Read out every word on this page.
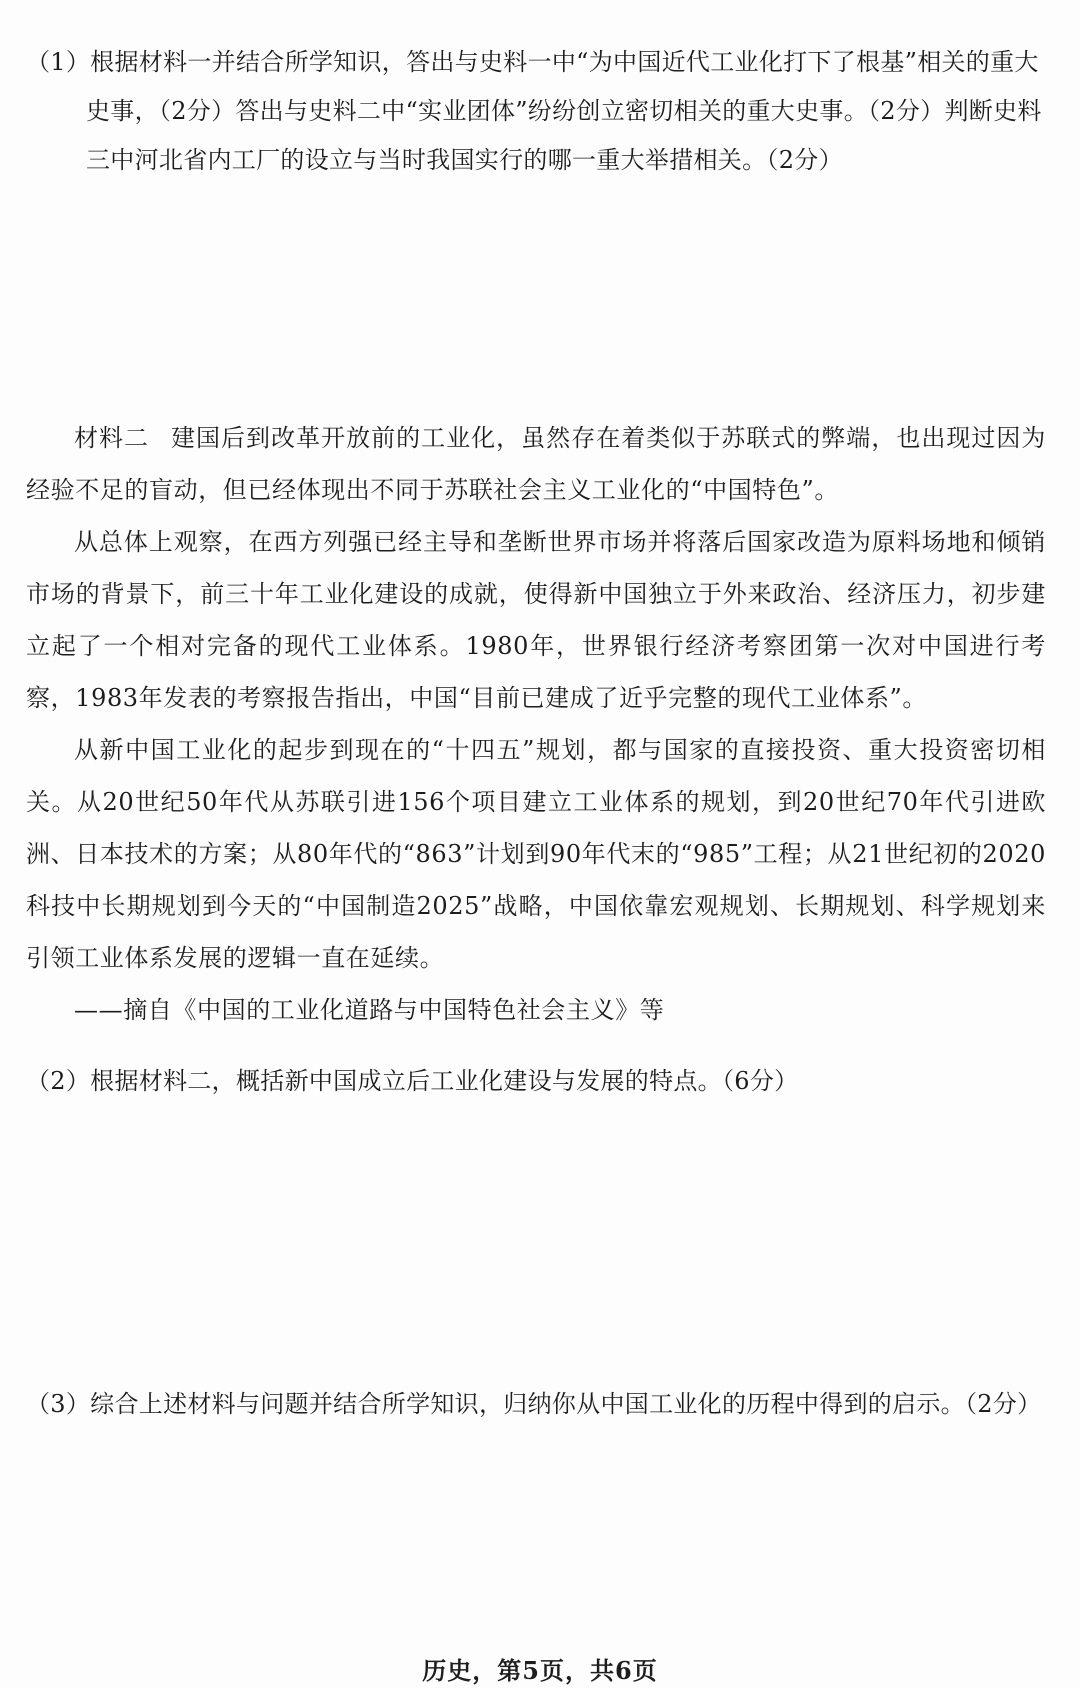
（1）根据材料一并结合所学知识，答出与史料一中“为中国近代工业化打下了根基”相关的重大史事，（2分）答出与史料二中“实业团体”纷纷创立密切相关的重大史事。（2分）判断史料三中河北省内工厂的设立与当时我国实行的哪一重大举措相关。（2分）

材料二 建国后到改革开放前的工业化，虽然存在着类似于苏联式的弊端，也出现过因为经验不足的盲动，但已经体现出不同于苏联社会主义工业化的“中国特色”。

从总体上观察，在西方列强已经主导和垄断世界市场并将落后国家改造为原料场地和倾销市场的背景下，前三十年工业化建设的成就，使得新中国独立于外来政治、经济压力，初步建立起了一个相对完备的现代工业体系。1980年，世界银行经济考察团第一次对中国进行考察，1983年发表的考察报告指出，中国“目前已建成了近乎完整的现代工业体系”。

从新中国工业化的起步到现在的“十四五”规划，都与国家的直接投资、重大投资密切相关。从20世纪50年代从苏联引进156个项目建立工业体系的规划，到20世纪70年代引进欧洲、日本技术的方案；从80年代的“863”计划到90年代末的“985”工程；从21世纪初的2020科技中长期规划到今天的“中国制造2025”战略，中国依靠宏观规划、长期规划、科学规划来引领工业体系发展的逻辑一直在延续。

——摘自《中国的工业化道路与中国特色社会主义》等

（2）根据材料二，概括新中国成立后工业化建设与发展的特点。（6分）

（3）综合上述材料与问题并结合所学知识，归纳你从中国工业化的历程中得到的启示。（2分）

历史，第5页，共6页
